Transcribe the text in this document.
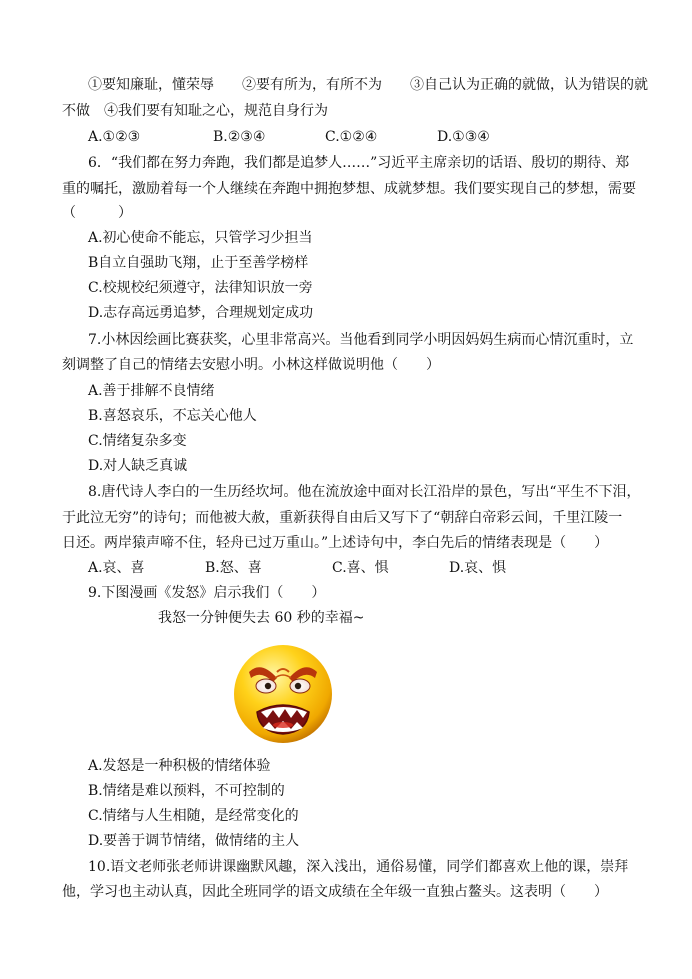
①要知廉耻，懂荣辱　　②要有所为，有所不为　　③自己认为正确的就做，认为错误的就
不做　④我们要有知耻之心，规范自身行为
A.①②③	B.②③④	C.①②④	D.①③④
6．“我们都在努力奔跑，我们都是追梦人……”习近平主席亲切的话语、殷切的期待、郑
重的嘱托，激励着每一个人继续在奔跑中拥抱梦想、成就梦想。我们要实现自己的梦想，需要
（　　　）
A.初心使命不能忘，只管学习少担当
B自立自强助飞翔，止于至善学榜样
C.校规校纪须遵守，法律知识放一旁
D.志存高远勇追梦，合理规划定成功
7.小林因绘画比赛获奖，心里非常高兴。当他看到同学小明因妈妈生病而心情沉重时，立
刻调整了自己的情绪去安慰小明。小林这样做说明他（　　）
A.善于排解不良情绪
B.喜怒哀乐，不忘关心他人
C.情绪复杂多变
D.对人缺乏真诚
8.唐代诗人李白的一生历经坎坷。他在流放途中面对长江沿岸的景色，写出“平生不下泪，
于此泣无穷”的诗句；而他被大赦，重新获得自由后又写下了“朝辞白帝彩云间，千里江陵一
日还。两岸猿声啼不住，轻舟已过万重山。”上述诗句中，李白先后的情绪表现是（　　）
A.哀、喜	B.怒、喜	C.喜、惧	D.哀、惧
9.下图漫画《发怒》启示我们（　　）
我怒一分钟便失去 60 秒的幸福~
A.发怒是一种积极的情绪体验
B.情绪是难以预料，不可控制的
C.情绪与人生相随，是经常变化的
D.要善于调节情绪，做情绪的主人
10.语文老师张老师讲课幽默风趣，深入浅出，通俗易懂，同学们都喜欢上他的课，崇拜
他，学习也主动认真，因此全班同学的语文成绩在全年级一直独占鳌头。这表明（　　）
